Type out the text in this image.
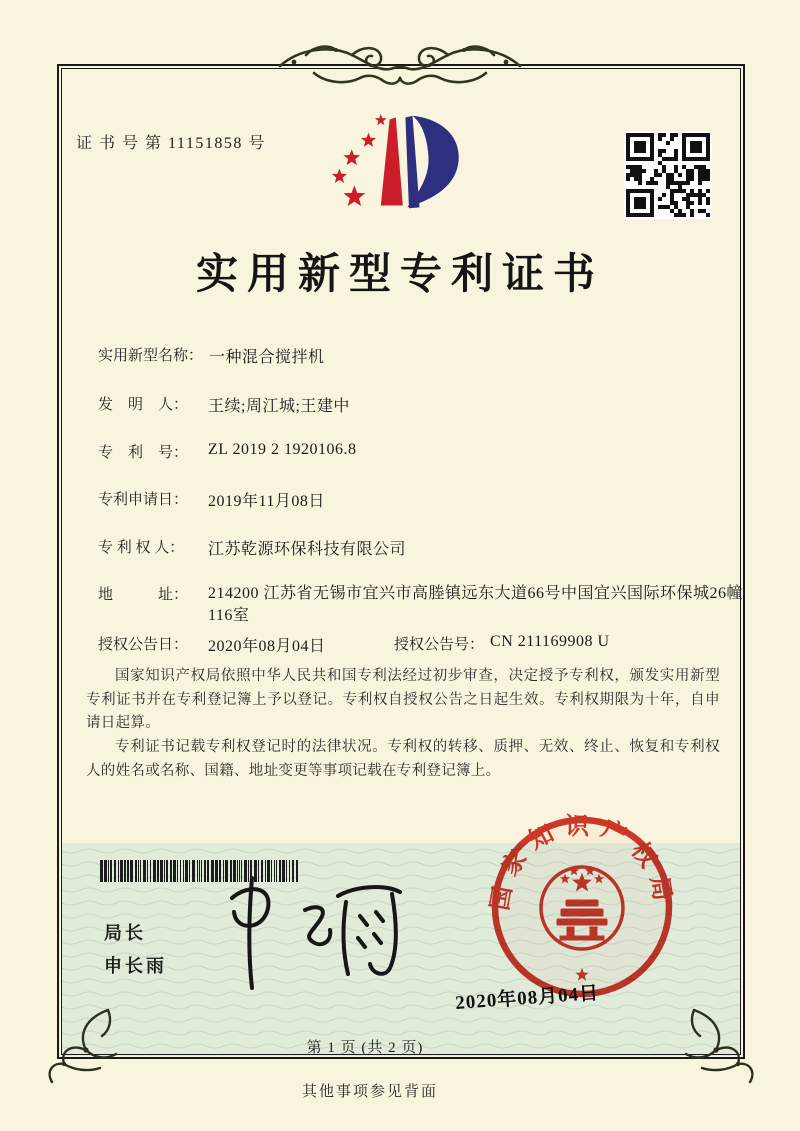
证 书 号 第 11151858 号
实用新型专利证书
实用新型名称： 一种混合搅拌机
发　明　人：	王续;周江城;王建中
专　利　号：	ZL 2019 2 1920106.8
专利申请日：	2019年11月08日
专 利 权 人：	江苏乾源环保科技有限公司
地　　　址：	214200 江苏省无锡市宜兴市高塍镇远东大道66号中国宜兴国际环保城26幢116室
授权公告日：	2020年08月04日	授权公告号： CN 211169908 U
国家知识产权局依照中华人民共和国专利法经过初步审查，决定授予专利权，颁发实用新型专利证书并在专利登记簿上予以登记。专利权自授权公告之日起生效。专利权期限为十年，自申请日起算。
专利证书记载专利权登记时的法律状况。专利权的转移、质押、无效、终止、恢复和专利权人的姓名或名称、国籍、地址变更等事项记载在专利登记簿上。
局长
申长雨
国家知识产权局
2020年08月04日
第 1 页 (共 2 页)
其他事项参见背面
